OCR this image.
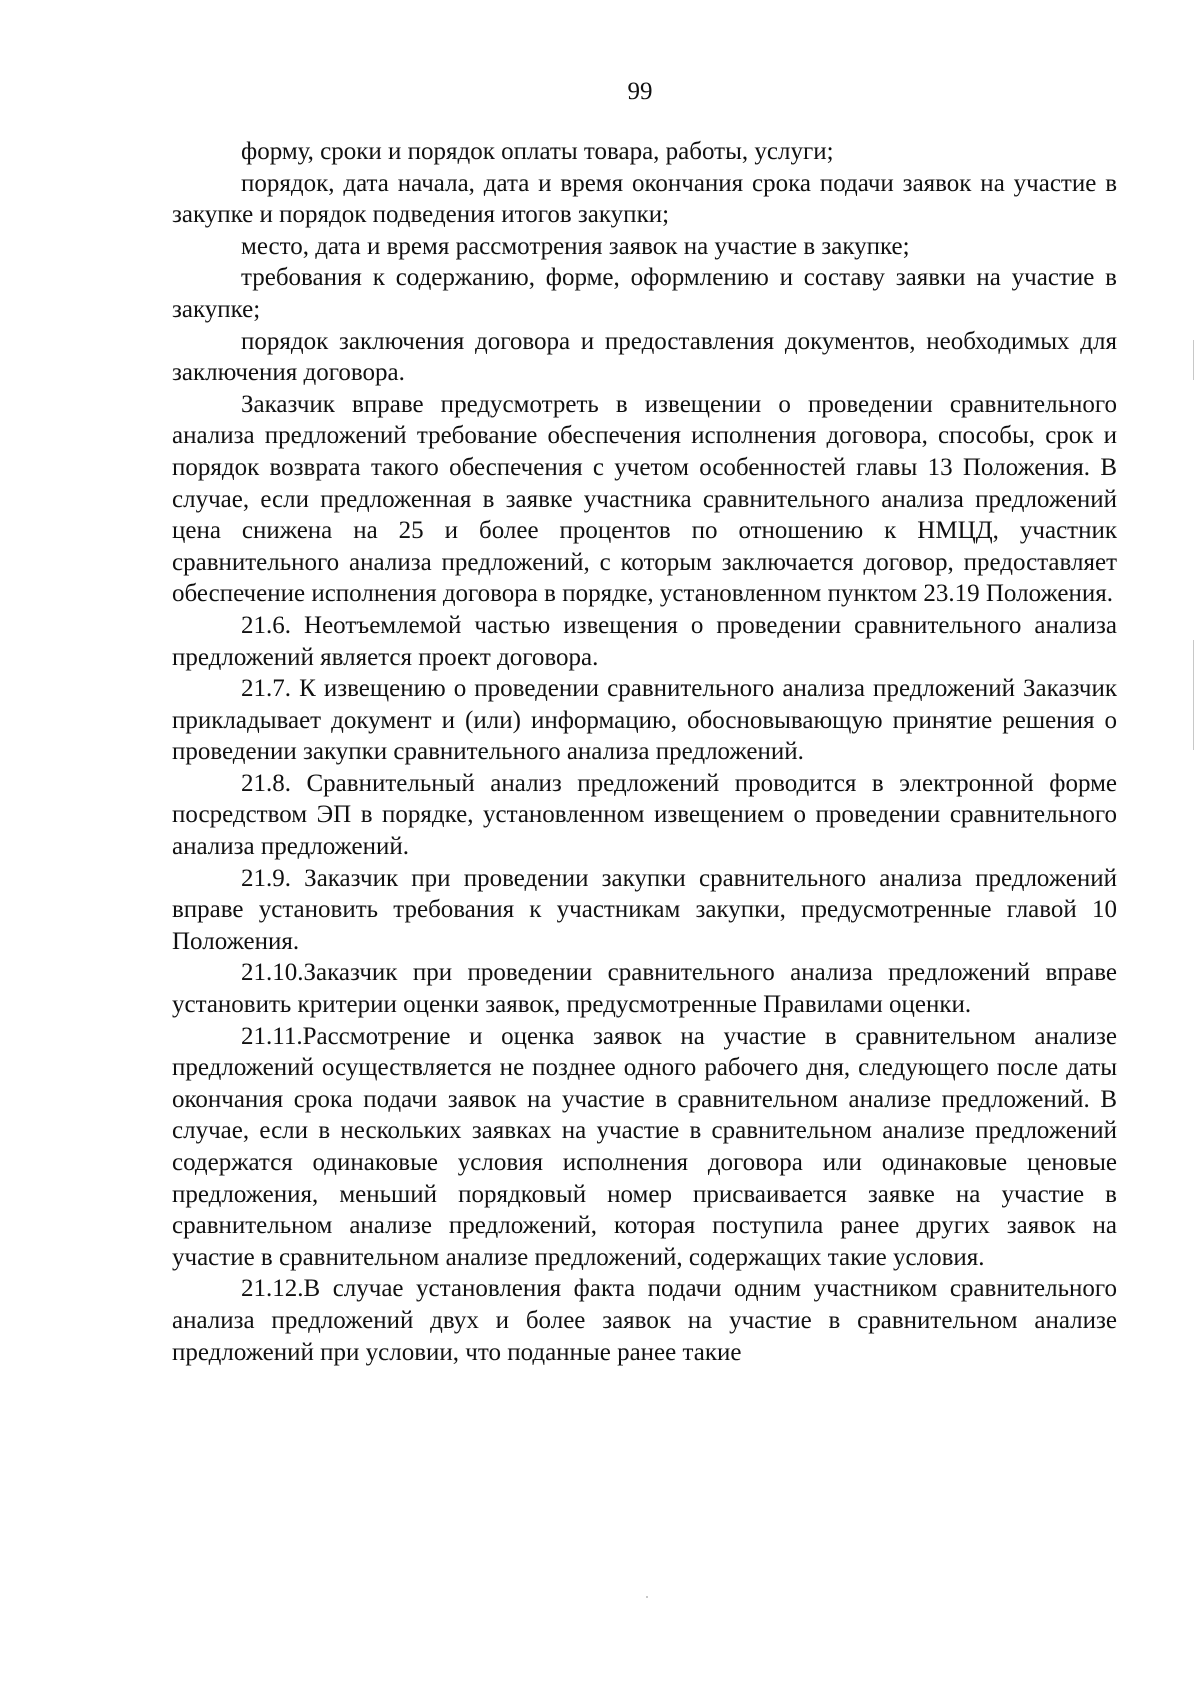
99

форму, сроки и порядок оплаты товара, работы, услуги;

порядок, дата начала, дата и время окончания срока подачи заявок на участие в закупке и порядок подведения итогов закупки;

место, дата и время рассмотрения заявок на участие в закупке;

требования к содержанию, форме, оформлению и составу заявки на участие в закупке;

порядок заключения договора и предоставления документов, необходимых для заключения договора.

Заказчик вправе предусмотреть в извещении о проведении сравнительного анализа предложений требование обеспечения исполнения договора, способы, срок и порядок возврата такого обеспечения с учетом особенностей главы 13 Положения. В случае, если предложенная в заявке участника сравнительного анализа предложений цена снижена на 25 и более процентов по отношению к НМЦД, участник сравнительного анализа предложений, с которым заключается договор, предоставляет обеспечение исполнения договора в порядке, установленном пунктом 23.19 Положения.

21.6. Неотъемлемой частью извещения о проведении сравнительного анализа предложений является проект договора.

21.7. К извещению о проведении сравнительного анализа предложений Заказчик прикладывает документ и (или) информацию, обосновывающую принятие решения о проведении закупки сравнительного анализа предложений.

21.8. Сравнительный анализ предложений проводится в электронной форме посредством ЭП в порядке, установленном извещением о проведении сравнительного анализа предложений.

21.9. Заказчик при проведении закупки сравнительного анализа предложений вправе установить требования к участникам закупки, предусмотренные главой 10 Положения.

21.10.Заказчик при проведении сравнительного анализа предложений вправе установить критерии оценки заявок, предусмотренные Правилами оценки.

21.11.Рассмотрение и оценка заявок на участие в сравнительном анализе предложений осуществляется не позднее одного рабочего дня, следующего после даты окончания срока подачи заявок на участие в сравнительном анализе предложений. В случае, если в нескольких заявках на участие в сравнительном анализе предложений содержатся одинаковые условия исполнения договора или одинаковые ценовые предложения, меньший порядковый номер присваивается заявке на участие в сравнительном анализе предложений, которая поступила ранее других заявок на участие в сравнительном анализе предложений, содержащих такие условия.

21.12.В случае установления факта подачи одним участником сравнительного анализа предложений двух и более заявок на участие в сравнительном анализе предложений при условии, что поданные ранее такие
